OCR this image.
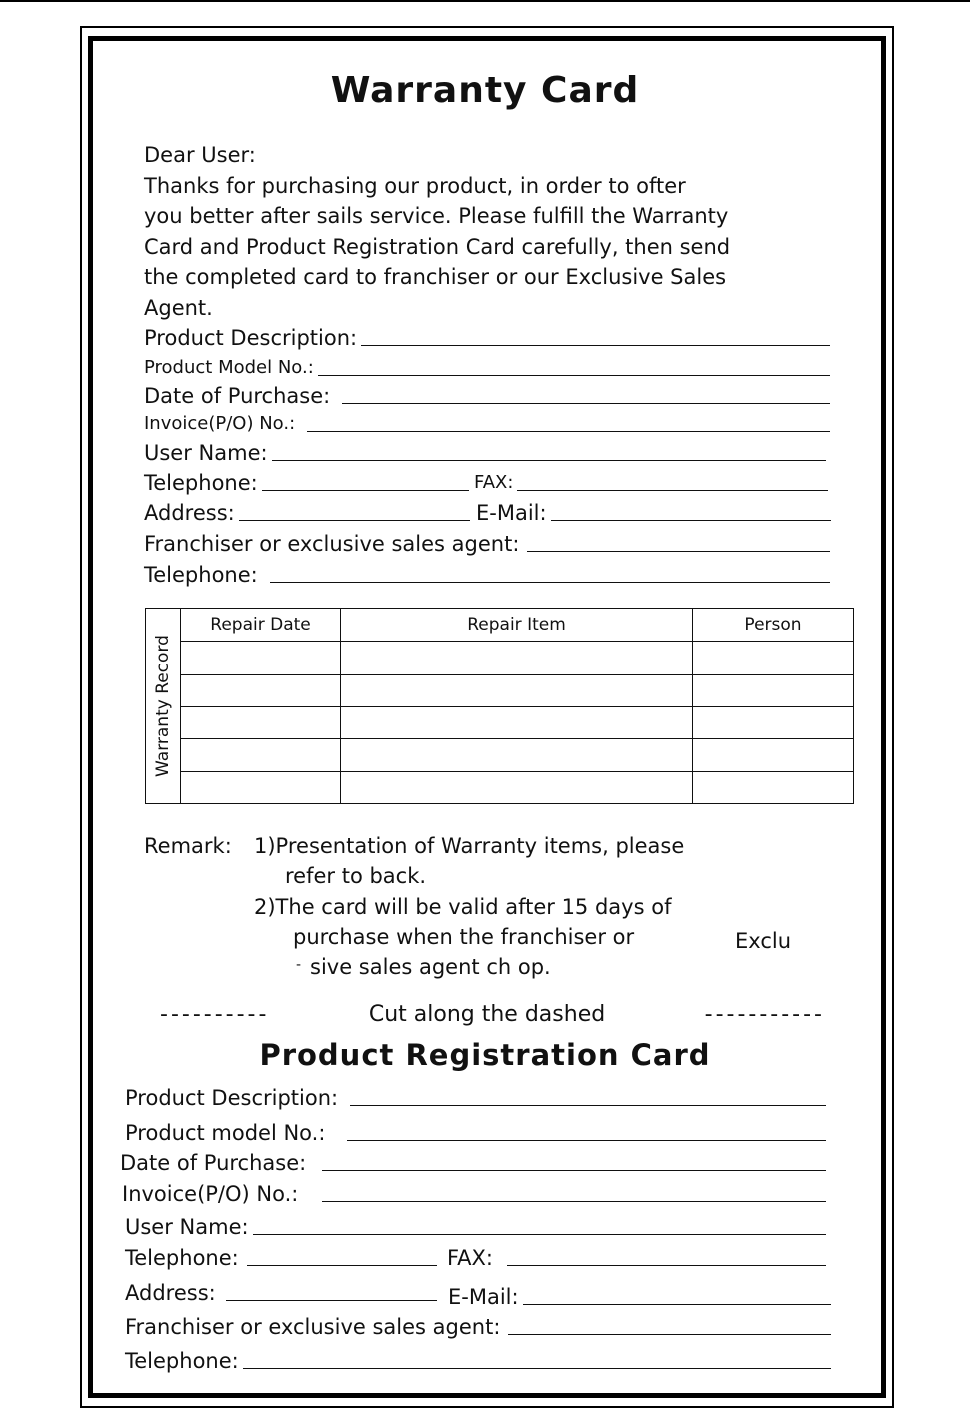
Warranty Card

Dear User:

Thanks for purchasing our product, in order to ofter

you better after sails service. Please fulfill the Warranty

Card and Product Registration Card carefully, then send

the completed card to franchiser or our Exclusive Sales

Agent.

Product Description:
Product Model No.:
Date of Purchase:
Invoice(P/O) No.:
User Name:
Telephone:	FAX:
Address:	E-Mail:
Franchiser or exclusive sales agent:
Telephone:
Warranty Record	Repair Date	Repair Item	Person

Remark: 1)Presentation of Warranty items, please
refer to back.
2)The card will be valid after 15 days of
purchase when the franchiser or	Exclu
- sive sales agent ch op.
----------	Cut along the dashed	-----------
Product Registration Card
Product Description:
Product model No.:
Date of Purchase:
Invoice(P/O) No.:
User Name:
Telephone:	FAX:
Address:	E-Mail:
Franchiser or exclusive sales agent:
Telephone:
